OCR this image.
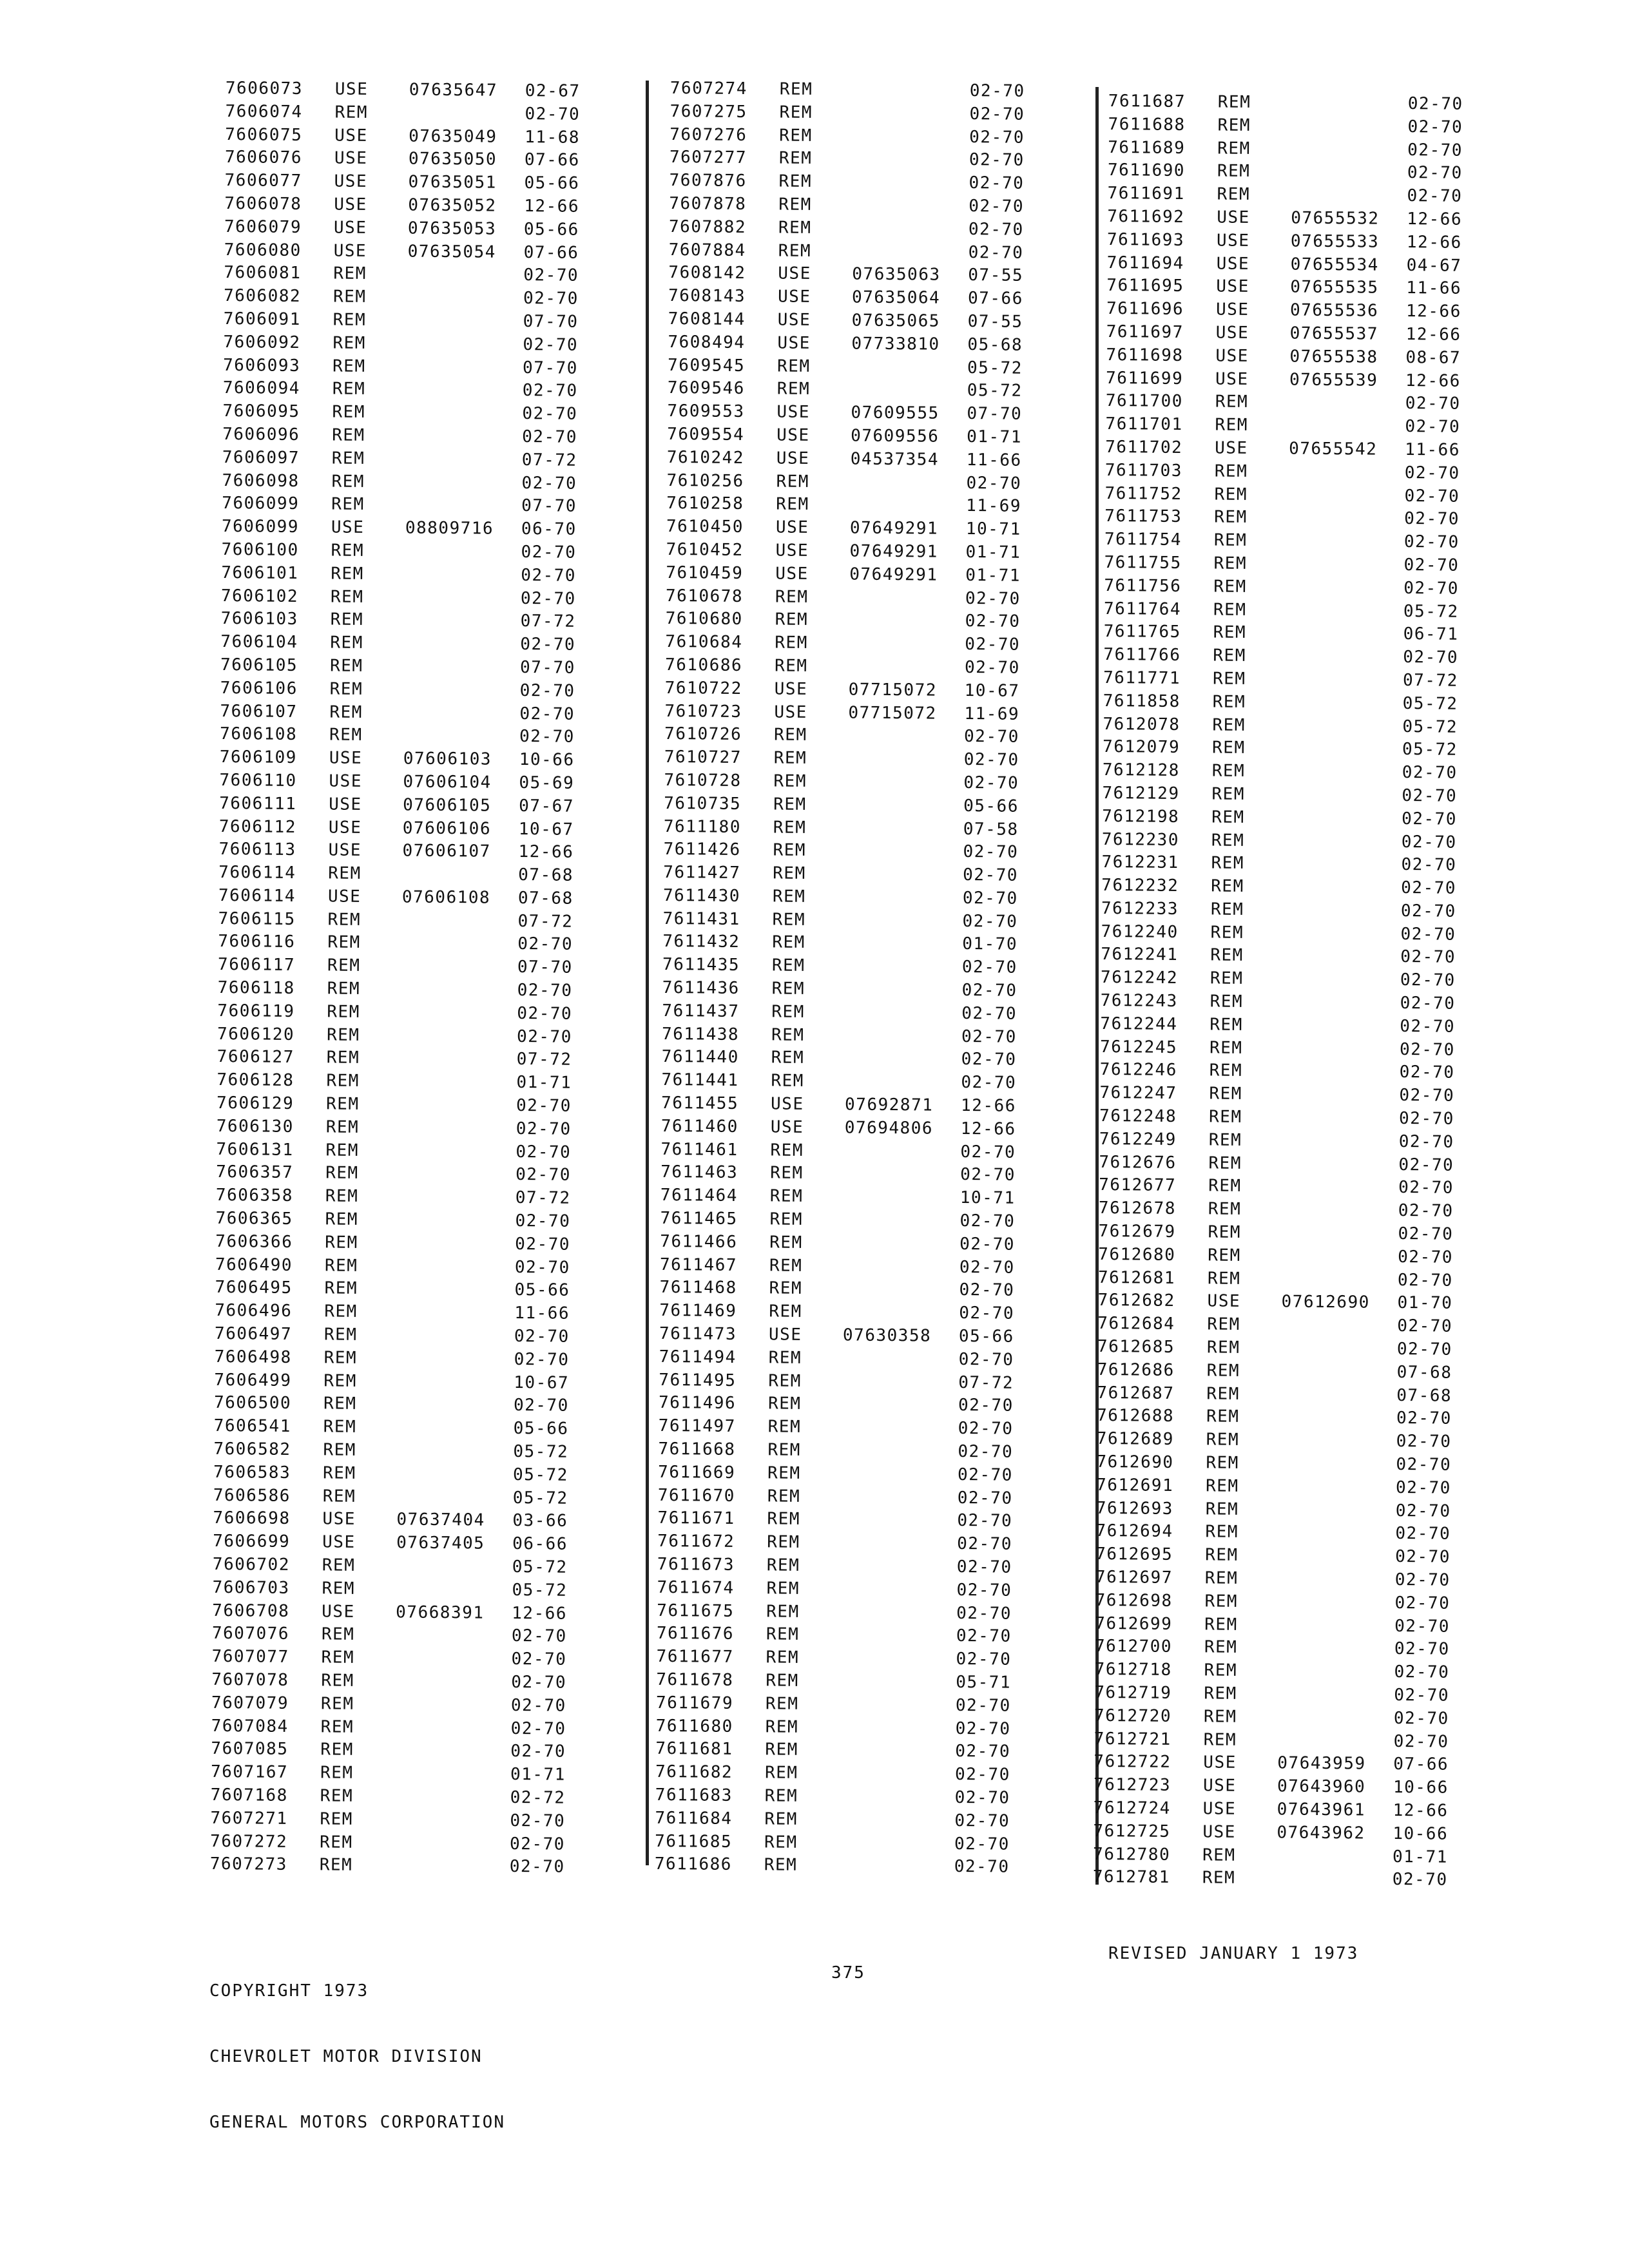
7606073	USE	07635647	02-67
7606074	REM	02-70
7606075	USE	07635049	11-68
7606076	USE	07635050	07-66
7606077	USE	07635051	05-66
7606078	USE	07635052	12-66
7606079	USE	07635053	05-66
7606080	USE	07635054	07-66
7606081	REM	02-70
7606082	REM	02-70
7606091	REM	07-70
7606092	REM	02-70
7606093	REM	07-70
7606094	REM	02-70
7606095	REM	02-70
7606096	REM	02-70
7606097	REM	07-72
7606098	REM	02-70
7606099	REM	07-70
7606099	USE	08809716	06-70
7606100	REM	02-70
7606101	REM	02-70
7606102	REM	02-70
7606103	REM	07-72
7606104	REM	02-70
7606105	REM	07-70
7606106	REM	02-70
7606107	REM	02-70
7606108	REM	02-70
7606109	USE	07606103	10-66
7606110	USE	07606104	05-69
7606111	USE	07606105	07-67
7606112	USE	07606106	10-67
7606113	USE	07606107	12-66
7606114	REM	07-68
7606114	USE	07606108	07-68
7606115	REM	07-72
7606116	REM	02-70
7606117	REM	07-70
7606118	REM	02-70
7606119	REM	02-70
7606120	REM	02-70
7606127	REM	07-72
7606128	REM	01-71
7606129	REM	02-70
7606130	REM	02-70
7606131	REM	02-70
7606357	REM	02-70
7606358	REM	07-72
7606365	REM	02-70
7606366	REM	02-70
7606490	REM	02-70
7606495	REM	05-66
7606496	REM	11-66
7606497	REM	02-70
7606498	REM	02-70
7606499	REM	10-67
7606500	REM	02-70
7606541	REM	05-66
7606582	REM	05-72
7606583	REM	05-72
7606586	REM	05-72
7606698	USE	07637404	03-66
7606699	USE	07637405	06-66
7606702	REM	05-72
7606703	REM	05-72
7606708	USE	07668391	12-66
7607076	REM	02-70
7607077	REM	02-70
7607078	REM	02-70
7607079	REM	02-70
7607084	REM	02-70
7607085	REM	02-70
7607167	REM	01-71
7607168	REM	02-72
7607271	REM	02-70
7607272	REM	02-70
7607273	REM	02-70
7607274	REM	02-70
7607275	REM	02-70
7607276	REM	02-70
7607277	REM	02-70
7607876	REM	02-70
7607878	REM	02-70
7607882	REM	02-70
7607884	REM	02-70
7608142	USE	07635063	07-55
7608143	USE	07635064	07-66
7608144	USE	07635065	07-55
7608494	USE	07733810	05-68
7609545	REM	05-72
7609546	REM	05-72
7609553	USE	07609555	07-70
7609554	USE	07609556	01-71
7610242	USE	04537354	11-66
7610256	REM	02-70
7610258	REM	11-69
7610450	USE	07649291	10-71
7610452	USE	07649291	01-71
7610459	USE	07649291	01-71
7610678	REM	02-70
7610680	REM	02-70
7610684	REM	02-70
7610686	REM	02-70
7610722	USE	07715072	10-67
7610723	USE	07715072	11-69
7610726	REM	02-70
7610727	REM	02-70
7610728	REM	02-70
7610735	REM	05-66
7611180	REM	07-58
7611426	REM	02-70
7611427	REM	02-70
7611430	REM	02-70
7611431	REM	02-70
7611432	REM	01-70
7611435	REM	02-70
7611436	REM	02-70
7611437	REM	02-70
7611438	REM	02-70
7611440	REM	02-70
7611441	REM	02-70
7611455	USE	07692871	12-66
7611460	USE	07694806	12-66
7611461	REM	02-70
7611463	REM	02-70
7611464	REM	10-71
7611465	REM	02-70
7611466	REM	02-70
7611467	REM	02-70
7611468	REM	02-70
7611469	REM	02-70
7611473	USE	07630358	05-66
7611494	REM	02-70
7611495	REM	07-72
7611496	REM	02-70
7611497	REM	02-70
7611668	REM	02-70
7611669	REM	02-70
7611670	REM	02-70
7611671	REM	02-70
7611672	REM	02-70
7611673	REM	02-70
7611674	REM	02-70
7611675	REM	02-70
7611676	REM	02-70
7611677	REM	02-70
7611678	REM	05-71
7611679	REM	02-70
7611680	REM	02-70
7611681	REM	02-70
7611682	REM	02-70
7611683	REM	02-70
7611684	REM	02-70
7611685	REM	02-70
7611686	REM	02-70
7611687	REM	02-70
7611688	REM	02-70
7611689	REM	02-70
7611690	REM	02-70
7611691	REM	02-70
7611692	USE	07655532	12-66
7611693	USE	07655533	12-66
7611694	USE	07655534	04-67
7611695	USE	07655535	11-66
7611696	USE	07655536	12-66
7611697	USE	07655537	12-66
7611698	USE	07655538	08-67
7611699	USE	07655539	12-66
7611700	REM	02-70
7611701	REM	02-70
7611702	USE	07655542	11-66
7611703	REM	02-70
7611752	REM	02-70
7611753	REM	02-70
7611754	REM	02-70
7611755	REM	02-70
7611756	REM	02-70
7611764	REM	05-72
7611765	REM	06-71
7611766	REM	02-70
7611771	REM	07-72
7611858	REM	05-72
7612078	REM	05-72
7612079	REM	05-72
7612128	REM	02-70
7612129	REM	02-70
7612198	REM	02-70
7612230	REM	02-70
7612231	REM	02-70
7612232	REM	02-70
7612233	REM	02-70
7612240	REM	02-70
7612241	REM	02-70
7612242	REM	02-70
7612243	REM	02-70
7612244	REM	02-70
7612245	REM	02-70
7612246	REM	02-70
7612247	REM	02-70
7612248	REM	02-70
7612249	REM	02-70
7612676	REM	02-70
7612677	REM	02-70
7612678	REM	02-70
7612679	REM	02-70
7612680	REM	02-70
7612681	REM	02-70
7612682	USE	07612690	01-70
7612684	REM	02-70
7612685	REM	02-70
7612686	REM	07-68
7612687	REM	07-68
7612688	REM	02-70
7612689	REM	02-70
7612690	REM	02-70
7612691	REM	02-70
7612693	REM	02-70
7612694	REM	02-70
7612695	REM	02-70
7612697	REM	02-70
7612698	REM	02-70
7612699	REM	02-70
7612700	REM	02-70
7612718	REM	02-70
7612719	REM	02-70
7612720	REM	02-70
7612721	REM	02-70
7612722	USE	07643959	07-66
7612723	USE	07643960	10-66
7612724	USE	07643961	12-66
7612725	USE	07643962	10-66
7612780	REM	01-71
7612781	REM	02-70

COPYRIGHT 1973

CHEVROLET MOTOR DIVISION

GENERAL MOTORS CORPORATION

375
REVISED JANUARY 1 1973
